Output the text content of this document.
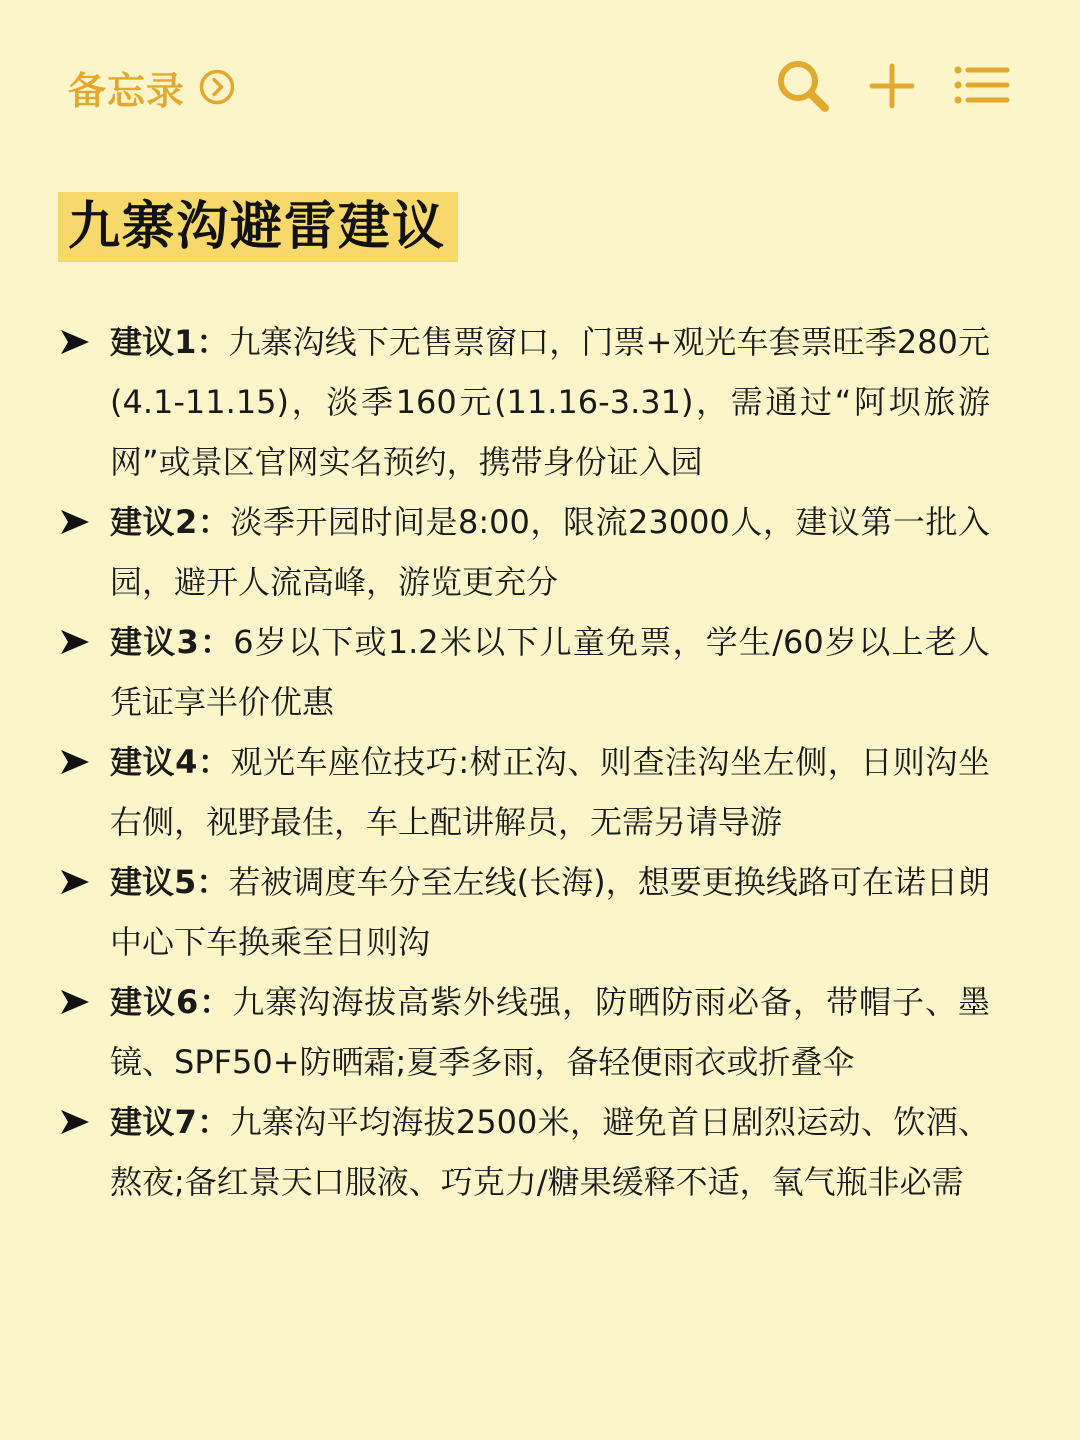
备忘录
九寨沟避雷建议
建议1：九寨沟线下无售票窗口，门票+观光车套票旺季280元(4.1-11.15)，淡季160元(11.16-3.31)，需通过“阿坝旅游网”或景区官网实名预约，携带身份证入园
建议2：淡季开园时间是8:00，限流23000人，建议第一批入园，避开人流高峰，游览更充分
建议3：6岁以下或1.2米以下儿童免票，学生/60岁以上老人凭证享半价优惠
建议4：观光车座位技巧:树正沟、则查洼沟坐左侧，日则沟坐右侧，视野最佳，车上配讲解员，无需另请导游
建议5：若被调度车分至左线(长海)，想要更换线路可在诺日朗中心下车换乘至日则沟
建议6：九寨沟海拔高紫外线强，防晒防雨必备，带帽子、墨镜、SPF50+防晒霜;夏季多雨，备轻便雨衣或折叠伞
建议7：九寨沟平均海拔2500米，避免首日剧烈运动、饮酒、熬夜;备红景天口服液、巧克力/糖果缓释不适，氧气瓶非必需
